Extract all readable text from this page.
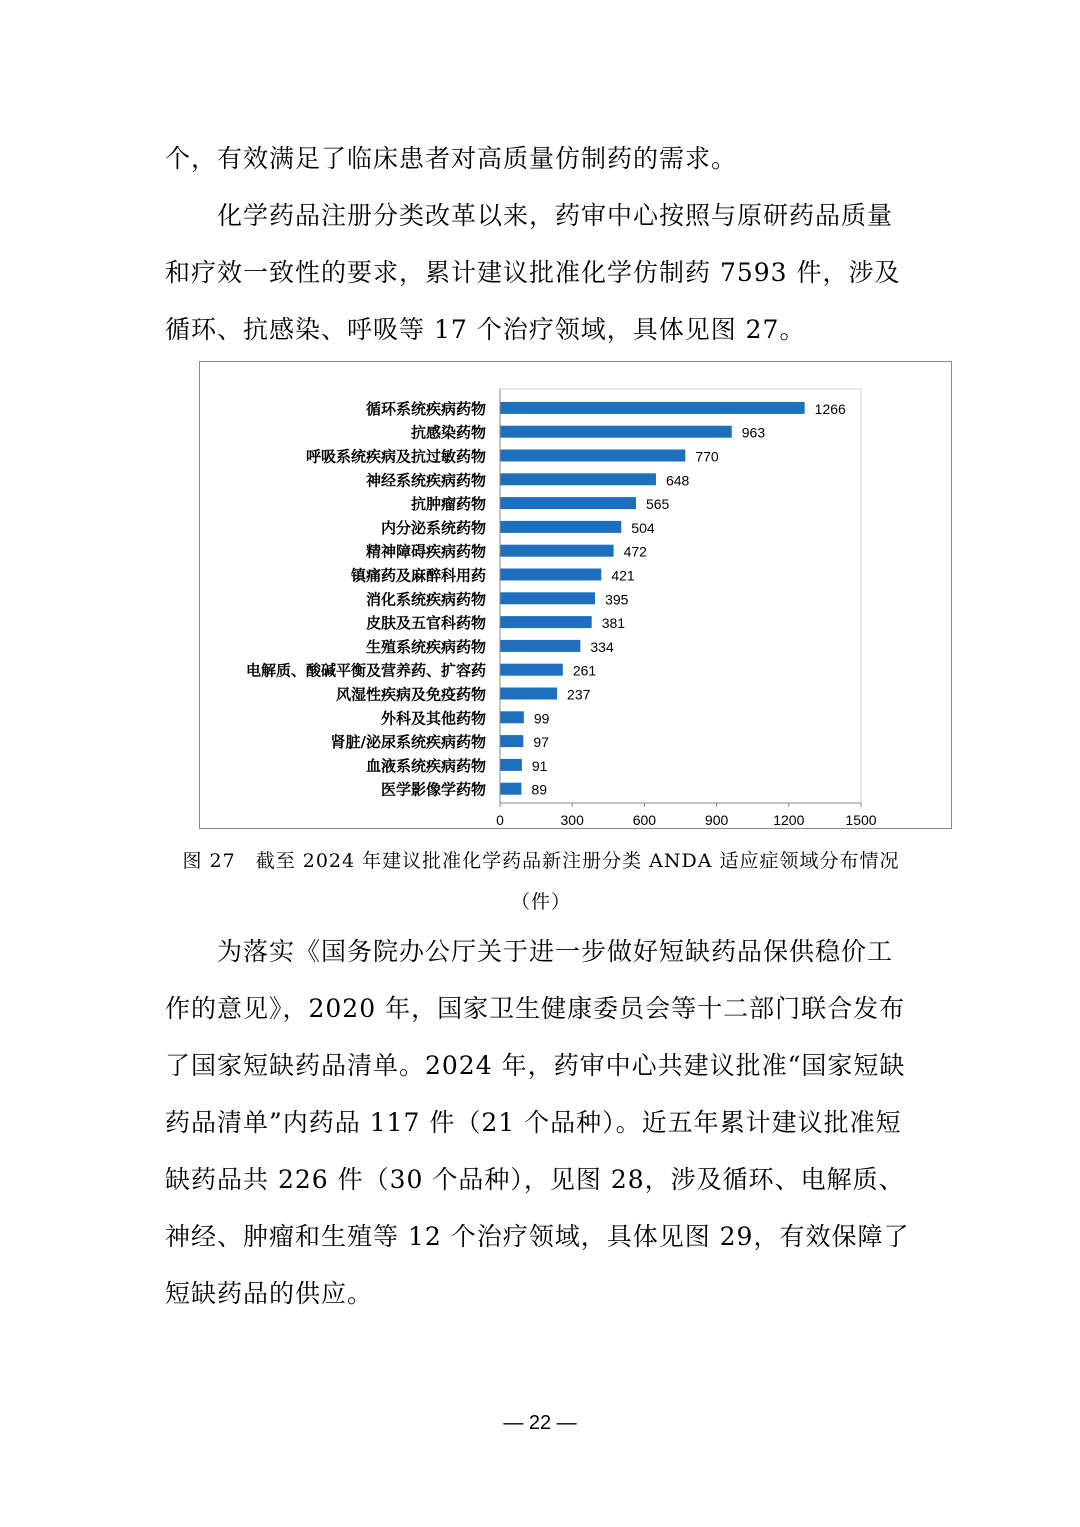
个，有效满足了临床患者对高质量仿制药的需求。

化学药品注册分类改革以来，药审中心按照与原研药品质量和疗效一致性的要求，累计建议批准化学仿制药 7593 件，涉及循环、抗感染、呼吸等 17 个治疗领域，具体见图 27。

循环系统疾病药物	1266
抗感染药物	963
呼吸系统疾病及抗过敏药物	770
神经系统疾病药物	648
抗肿瘤药物	565
内分泌系统药物	504
精神障碍疾病药物	472
镇痛药及麻醉科用药	421
消化系统疾病药物	395
皮肤及五官科药物	381
生殖系统疾病药物	334
电解质、酸碱平衡及营养药、扩容药	261
风湿性疾病及免疫药物	237
外科及其他药物	99
肾脏/泌尿系统疾病药物	97
血液系统疾病药物	91
医学影像学药物	89
0	300	600	900	1200	1500
图 27　截至 2024 年建议批准化学药品新注册分类 ANDA 适应症领域分布情况
（件）

为落实《国务院办公厅关于进一步做好短缺药品保供稳价工作的意见》，2020 年，国家卫生健康委员会等十二部门联合发布了国家短缺药品清单。2024 年，药审中心共建议批准“国家短缺药品清单”内药品 117 件（21 个品种）。近五年累计建议批准短缺药品共 226 件（30 个品种），见图 28，涉及循环、电解质、神经、肿瘤和生殖等 12 个治疗领域，具体见图 29，有效保障了短缺药品的供应。

— 22 —
